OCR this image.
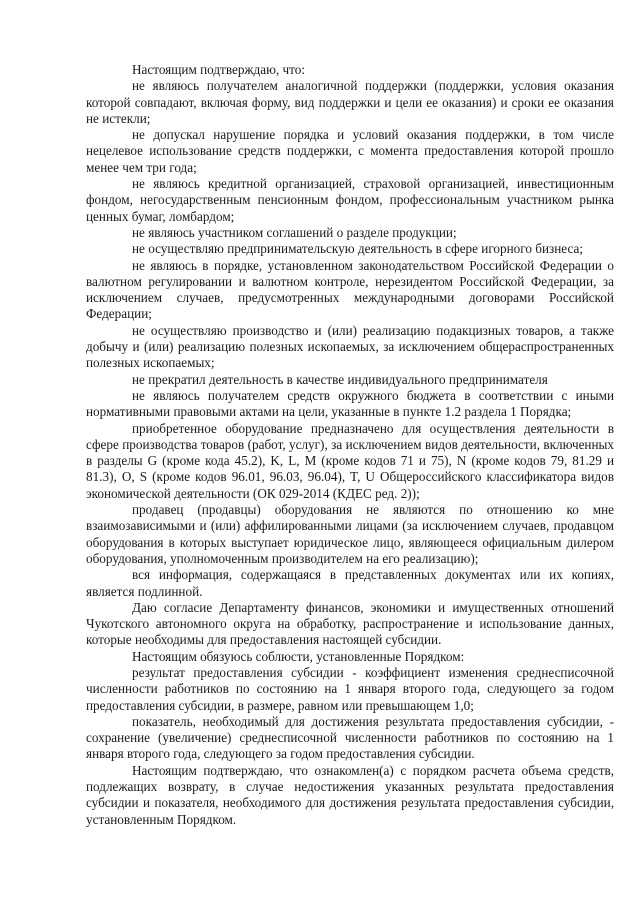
Настоящим подтверждаю, что:

не являюсь получателем аналогичной поддержки (поддержки, условия оказания которой совпадают, включая форму, вид поддержки и цели ее оказания) и сроки ее оказания не истекли;

не допускал нарушение порядка и условий оказания поддержки, в том числе нецелевое использование средств поддержки, с момента предоставления которой прошло менее чем три года;

не являюсь кредитной организацией, страховой организацией, инвестиционным фондом, негосударственным пенсионным фондом, профессиональным участником рынка ценных бумаг, ломбардом;

не являюсь участником соглашений о разделе продукции;

не осуществляю предпринимательскую деятельность в сфере игорного бизнеса;

не являюсь в порядке, установленном законодательством Российской Федерации о валютном регулировании и валютном контроле, нерезидентом Российской Федерации, за исключением случаев, предусмотренных международными договорами Российской Федерации;

не осуществляю производство и (или) реализацию подакцизных товаров, а также добычу и (или) реализацию полезных ископаемых, за исключением общераспространенных полезных ископаемых;

не прекратил деятельность в качестве индивидуального предпринимателя

не являюсь получателем средств окружного бюджета в соответствии с иными нормативными правовыми актами на цели, указанные в пункте 1.2 раздела 1 Порядка;

приобретенное оборудование предназначено для осуществления деятельности в сфере производства товаров (работ, услуг), за исключением видов деятельности, включенных в разделы G (кроме кода 45.2), K, L, M (кроме кодов 71 и 75), N (кроме кодов 79, 81.29 и 81.3), O, S (кроме кодов 96.01, 96.03, 96.04), T, U Общероссийского классификатора видов экономической деятельности (ОК 029-2014 (КДЕС ред. 2));

продавец (продавцы) оборудования не являются по отношению ко мне взаимозависимыми и (или) аффилированными лицами (за исключением случаев, продавцом оборудования в которых выступает юридическое лицо, являющееся официальным дилером оборудования, уполномоченным производителем на его реализацию);

вся информация, содержащаяся в представленных документах или их копиях, является подлинной.

Даю согласие Департаменту финансов, экономики и имущественных отношений Чукотского автономного округа на обработку, распространение и использование данных, которые необходимы для предоставления настоящей субсидии.

Настоящим обязуюсь соблюсти, установленные Порядком:

результат предоставления субсидии - коэффициент изменения среднесписочной численности работников по состоянию на 1 января второго года, следующего за годом предоставления субсидии, в размере, равном или превышающем 1,0;

показатель, необходимый для достижения результата предоставления субсидии, - сохранение (увеличение) среднесписочной численности работников по состоянию на 1 января второго года, следующего за годом предоставления субсидии.

Настоящим подтверждаю, что ознакомлен(а) с порядком расчета объема средств, подлежащих возврату, в случае недостижения указанных результата предоставления субсидии и показателя, необходимого для достижения результата предоставления субсидии, установленным Порядком.
